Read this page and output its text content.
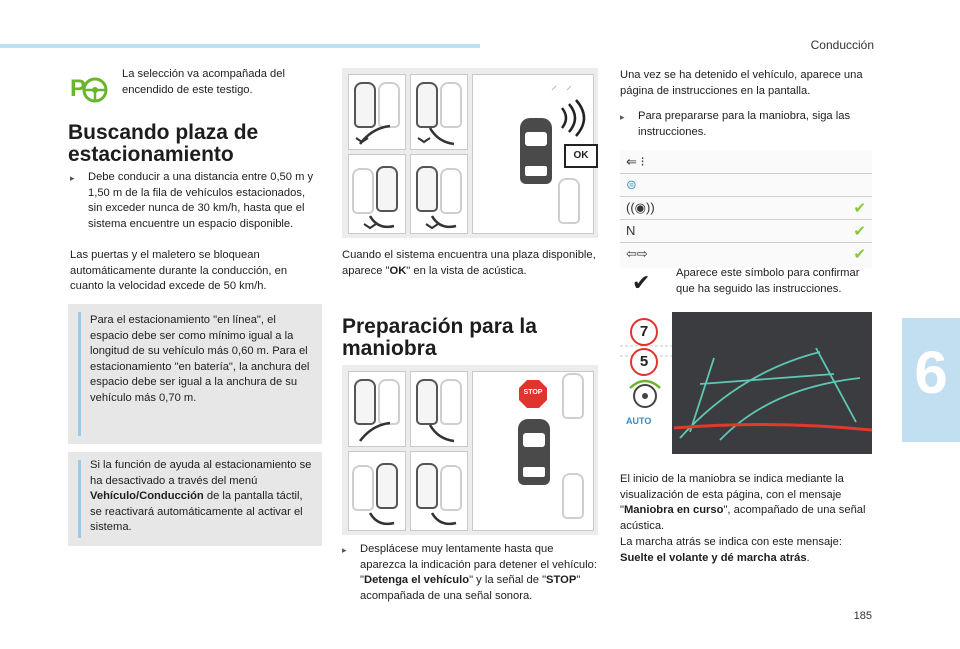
Conducción
6
185
P
La selección va acompañada del encendido de este testigo.
Buscando plaza de estacionamiento
▸	Debe conducir a una distancia entre 0,50 m y 1,50 m de la fila de vehículos estacionados, sin exceder nunca de 30 km/h, hasta que el sistema encuentre un espacio disponible.
Las puertas y el maletero se bloquean automáticamente durante la conducción, en cuanto la velocidad excede de 50 km/h.
Para el estacionamiento "en línea", el espacio debe ser como mínimo igual a la longitud de su vehículo más 0,60 m. Para el estacionamiento "en batería", la anchura del espacio debe ser igual a la anchura de su vehículo más 0,70 m.
Si la función de ayuda al estacionamiento se ha desactivado a través del menú Vehículo/Conducción de la pantalla táctil, se reactivará automáticamente al activar el sistema.
OK
Cuando el sistema encuentra una plaza disponible, aparece "OK" en la vista de acústica.
Preparación para la maniobra
STOP
▸	Desplácese muy lentamente hasta que aparezca la indicación para detener el vehículo: "Detenga el vehículo" y la señal de "STOP" acompañada de una señal sonora.
Una vez se ha detenido el vehículo, aparece una página de instrucciones en la pantalla.
▸	Para prepararse para la maniobra, siga las instrucciones.
⇐ ⁝
⊜
((◉))	✔
N	✔
⇦⇨	✔
✔ Aparece este símbolo para confirmar que ha seguido las instrucciones.
7
5
AUTO
El inicio de la maniobra se indica mediante la visualización de esta página, con el mensaje "Maniobra en curso", acompañado de una señal acústica.
La marcha atrás se indica con este mensaje:
Suelte el volante y dé marcha atrás.
